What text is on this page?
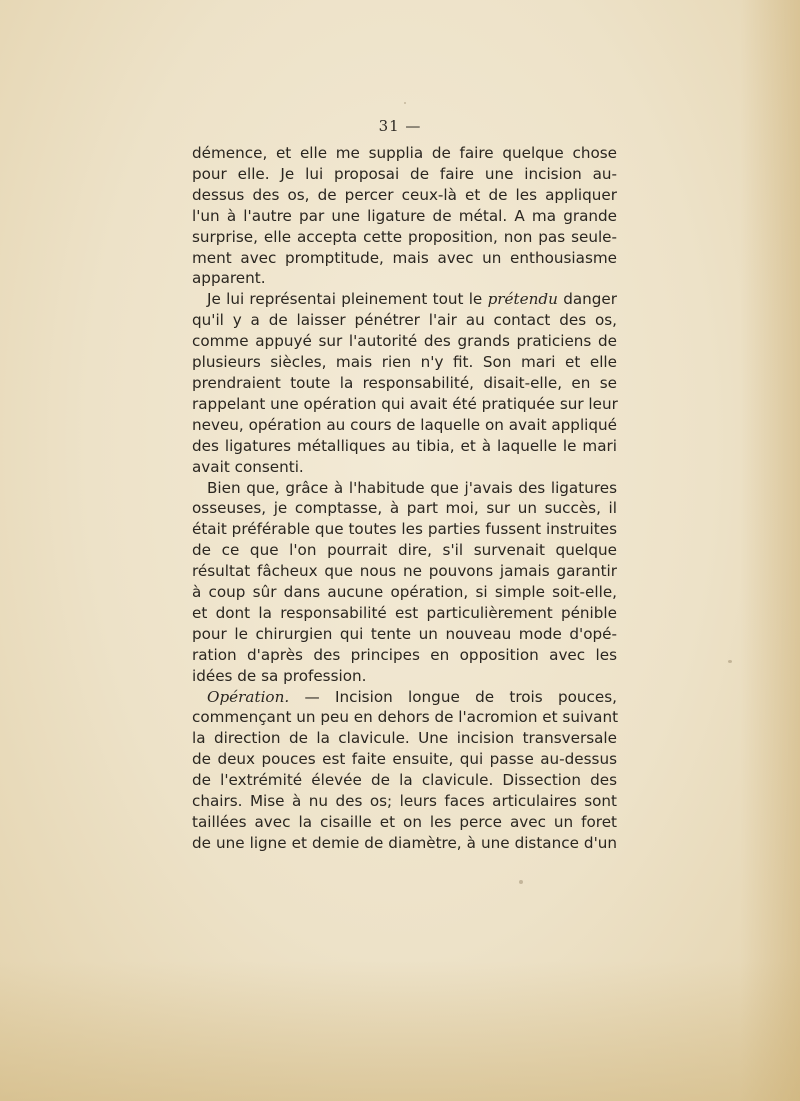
31 —
démence, et elle me supplia de faire quelque chose
pour elle. Je lui proposai de faire une incision au-
dessus des os, de percer ceux-là et de les appliquer
l'un à l'autre par une ligature de métal. A ma grande
surprise, elle accepta cette proposition, non pas seule-
ment avec promptitude, mais avec un enthousiasme
apparent.
Je lui représentai pleinement tout le prétendu danger
qu'il y a de laisser pénétrer l'air au contact des os,
comme appuyé sur l'autorité des grands praticiens de
plusieurs siècles, mais rien n'y fit. Son mari et elle
prendraient toute la responsabilité, disait-elle, en se
rappelant une opération qui avait été pratiquée sur leur
neveu, opération au cours de laquelle on avait appliqué
des ligatures métalliques au tibia, et à laquelle le mari
avait consenti.
Bien que, grâce à l'habitude que j'avais des ligatures
osseuses, je comptasse, à part moi, sur un succès, il
était préférable que toutes les parties fussent instruites
de ce que l'on pourrait dire, s'il survenait quelque
résultat fâcheux que nous ne pouvons jamais garantir
à coup sûr dans aucune opération, si simple soit-elle,
et dont la responsabilité est particulièrement pénible
pour le chirurgien qui tente un nouveau mode d'opé-
ration d'après des principes en opposition avec les
idées de sa profession.
Opération. — Incision longue de trois pouces,
commençant un peu en dehors de l'acromion et suivant
la direction de la clavicule. Une incision transversale
de deux pouces est faite ensuite, qui passe au-dessus
de l'extrémité élevée de la clavicule. Dissection des
chairs. Mise à nu des os; leurs faces articulaires sont
taillées avec la cisaille et on les perce avec un foret
de une ligne et demie de diamètre, à une distance d'un
